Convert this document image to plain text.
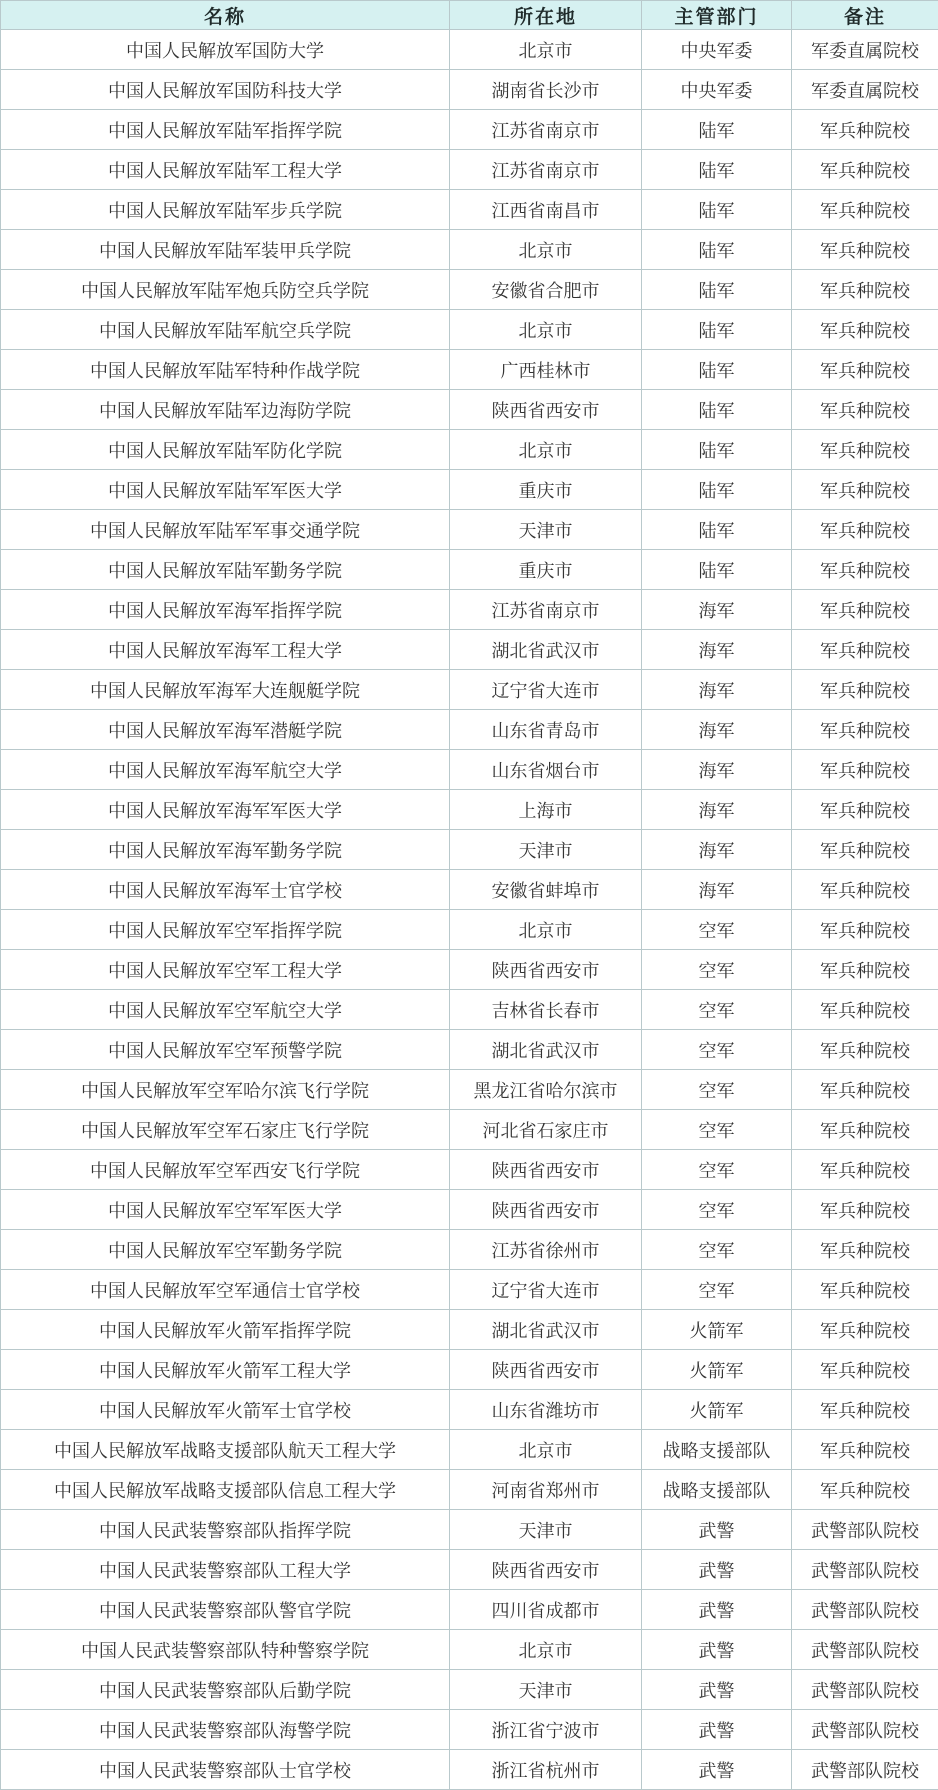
名称	所在地	主管部门	备注
中国人民解放军国防大学	北京市	中央军委	军委直属院校
中国人民解放军国防科技大学	湖南省长沙市	中央军委	军委直属院校
中国人民解放军陆军指挥学院	江苏省南京市	陆军	军兵种院校
中国人民解放军陆军工程大学	江苏省南京市	陆军	军兵种院校
中国人民解放军陆军步兵学院	江西省南昌市	陆军	军兵种院校
中国人民解放军陆军装甲兵学院	北京市	陆军	军兵种院校
中国人民解放军陆军炮兵防空兵学院	安徽省合肥市	陆军	军兵种院校
中国人民解放军陆军航空兵学院	北京市	陆军	军兵种院校
中国人民解放军陆军特种作战学院	广西桂林市	陆军	军兵种院校
中国人民解放军陆军边海防学院	陕西省西安市	陆军	军兵种院校
中国人民解放军陆军防化学院	北京市	陆军	军兵种院校
中国人民解放军陆军军医大学	重庆市	陆军	军兵种院校
中国人民解放军陆军军事交通学院	天津市	陆军	军兵种院校
中国人民解放军陆军勤务学院	重庆市	陆军	军兵种院校
中国人民解放军海军指挥学院	江苏省南京市	海军	军兵种院校
中国人民解放军海军工程大学	湖北省武汉市	海军	军兵种院校
中国人民解放军海军大连舰艇学院	辽宁省大连市	海军	军兵种院校
中国人民解放军海军潜艇学院	山东省青岛市	海军	军兵种院校
中国人民解放军海军航空大学	山东省烟台市	海军	军兵种院校
中国人民解放军海军军医大学	上海市	海军	军兵种院校
中国人民解放军海军勤务学院	天津市	海军	军兵种院校
中国人民解放军海军士官学校	安徽省蚌埠市	海军	军兵种院校
中国人民解放军空军指挥学院	北京市	空军	军兵种院校
中国人民解放军空军工程大学	陕西省西安市	空军	军兵种院校
中国人民解放军空军航空大学	吉林省长春市	空军	军兵种院校
中国人民解放军空军预警学院	湖北省武汉市	空军	军兵种院校
中国人民解放军空军哈尔滨飞行学院	黑龙江省哈尔滨市	空军	军兵种院校
中国人民解放军空军石家庄飞行学院	河北省石家庄市	空军	军兵种院校
中国人民解放军空军西安飞行学院	陕西省西安市	空军	军兵种院校
中国人民解放军空军军医大学	陕西省西安市	空军	军兵种院校
中国人民解放军空军勤务学院	江苏省徐州市	空军	军兵种院校
中国人民解放军空军通信士官学校	辽宁省大连市	空军	军兵种院校
中国人民解放军火箭军指挥学院	湖北省武汉市	火箭军	军兵种院校
中国人民解放军火箭军工程大学	陕西省西安市	火箭军	军兵种院校
中国人民解放军火箭军士官学校	山东省潍坊市	火箭军	军兵种院校
中国人民解放军战略支援部队航天工程大学	北京市	战略支援部队	军兵种院校
中国人民解放军战略支援部队信息工程大学	河南省郑州市	战略支援部队	军兵种院校
中国人民武装警察部队指挥学院	天津市	武警	武警部队院校
中国人民武装警察部队工程大学	陕西省西安市	武警	武警部队院校
中国人民武装警察部队警官学院	四川省成都市	武警	武警部队院校
中国人民武装警察部队特种警察学院	北京市	武警	武警部队院校
中国人民武装警察部队后勤学院	天津市	武警	武警部队院校
中国人民武装警察部队海警学院	浙江省宁波市	武警	武警部队院校
中国人民武装警察部队士官学校	浙江省杭州市	武警	武警部队院校
